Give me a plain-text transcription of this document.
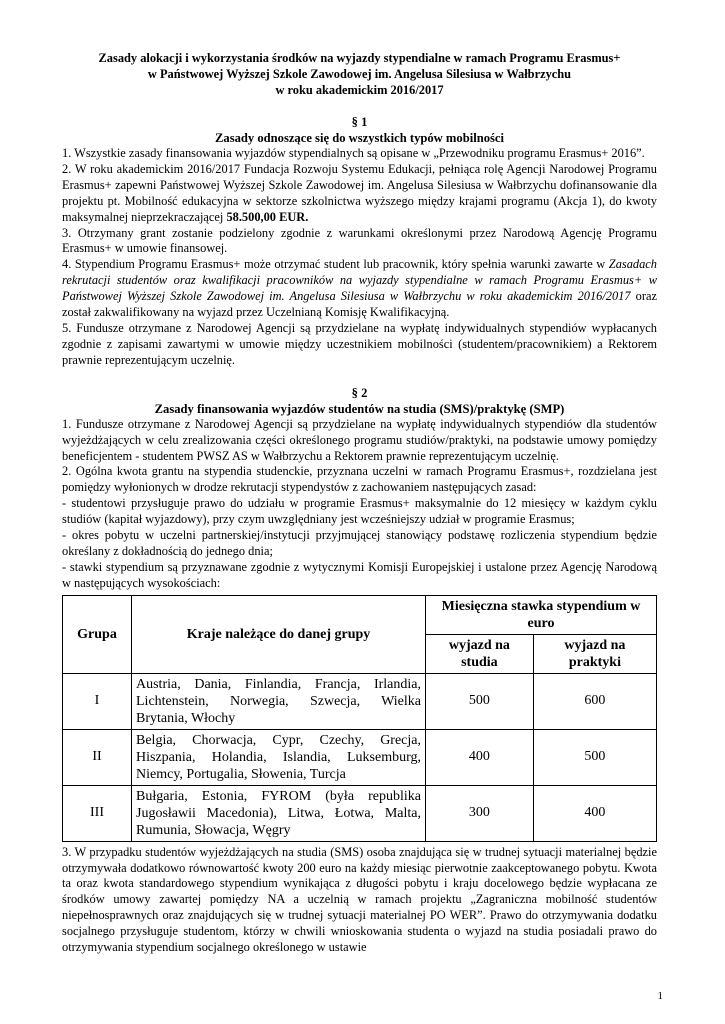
Zasady alokacji i wykorzystania środków na wyjazdy stypendialne w ramach Programu Erasmus+
w Państwowej Wyższej Szkole Zawodowej im. Angelusa Silesiusa w Wałbrzychu
w roku akademickim 2016/2017
§ 1
Zasady odnoszące się do wszystkich typów mobilności

1. Wszystkie zasady finansowania wyjazdów stypendialnych są opisane w „Przewodniku programu Erasmus+ 2016”.

2. W roku akademickim 2016/2017 Fundacja Rozwoju Systemu Edukacji, pełniąca rolę Agencji Narodowej Programu Erasmus+ zapewni Państwowej Wyższej Szkole Zawodowej im. Angelusa Silesiusa w Wałbrzychu dofinansowanie dla projektu pt. Mobilność edukacyjna w sektorze szkolnictwa wyższego między krajami programu (Akcja 1), do kwoty maksymalnej nieprzekraczającej 58.500,00 EUR.

3. Otrzymany grant zostanie podzielony zgodnie z warunkami określonymi przez Narodową Agencję Programu Erasmus+ w umowie finansowej.

4. Stypendium Programu Erasmus+ może otrzymać student lub pracownik, który spełnia warunki zawarte w Zasadach rekrutacji studentów oraz kwalifikacji pracowników na wyjazdy stypendialne w ramach Programu Erasmus+ w Państwowej Wyższej Szkole Zawodowej im. Angelusa Silesiusa w Wałbrzychu w roku akademickim 2016/2017 oraz został zakwalifikowany na wyjazd przez Uczelnianą Komisję Kwalifikacyjną.

5. Fundusze otrzymane z Narodowej Agencji są przydzielane na wypłatę indywidualnych stypendiów wypłacanych zgodnie z zapisami zawartymi w umowie między uczestnikiem mobilności (studentem/pracownikiem) a Rektorem prawnie reprezentującym uczelnię.

§ 2
Zasady finansowania wyjazdów studentów na studia (SMS)/praktykę (SMP)

1. Fundusze otrzymane z Narodowej Agencji są przydzielane na wypłatę indywidualnych stypendiów dla studentów wyjeżdżających w celu zrealizowania części określonego programu studiów/praktyki, na podstawie umowy pomiędzy beneficjentem - studentem PWSZ AS w Wałbrzychu a Rektorem prawnie reprezentującym uczelnię.

2. Ogólna kwota grantu na stypendia studenckie, przyznana uczelni w ramach Programu Erasmus+, rozdzielana jest pomiędzy wyłonionych w drodze rekrutacji stypendystów z zachowaniem następujących zasad:

- studentowi przysługuje prawo do udziału w programie Erasmus+ maksymalnie do 12 miesięcy w każdym cyklu studiów (kapitał wyjazdowy), przy czym uwzględniany jest wcześniejszy udział w programie Erasmus;

- okres pobytu w uczelni partnerskiej/instytucji przyjmującej stanowiący podstawę rozliczenia stypendium będzie określany z dokładnością do jednego dnia;

- stawki stypendium są przyznawane zgodnie z wytycznymi Komisji Europejskiej i ustalone przez Agencję Narodową w następujących wysokościach:

Grupa	Kraje należące do danej grupy	Miesięczna stawka stypendium w euro	
		wyjazd na studia	wyjazd na praktyki
I	Austria, Dania, Finlandia, Francja, Irlandia, Lichtenstein, Norwegia, Szwecja, Wielka Brytania, Włochy	500	600
II	Belgia, Chorwacja, Cypr, Czechy, Grecja, Hiszpania, Holandia, Islandia, Luksemburg, Niemcy, Portugalia, Słowenia, Turcja	400	500
III	Bułgaria, Estonia, FYROM (była republika Jugosławii Macedonia), Litwa, Łotwa, Malta, Rumunia, Słowacja, Węgry	300	400

3. W przypadku studentów wyjeżdżających na studia (SMS) osoba znajdująca się w trudnej sytuacji materialnej będzie otrzymywała dodatkowo równowartość kwoty 200 euro na każdy miesiąc pierwotnie zaakceptowanego pobytu. Kwota ta oraz kwota standardowego stypendium wynikająca z długości pobytu i kraju docelowego będzie wypłacana ze środków umowy zawartej pomiędzy NA a uczelnią w ramach projektu „Zagraniczna mobilność studentów niepełnosprawnych oraz znajdujących się w trudnej sytuacji materialnej PO WER”. Prawo do otrzymywania dodatku socjalnego przysługuje studentom, którzy w chwili wnioskowania studenta o wyjazd na studia posiadali prawo do otrzymywania stypendium socjalnego określonego w ustawie

1
